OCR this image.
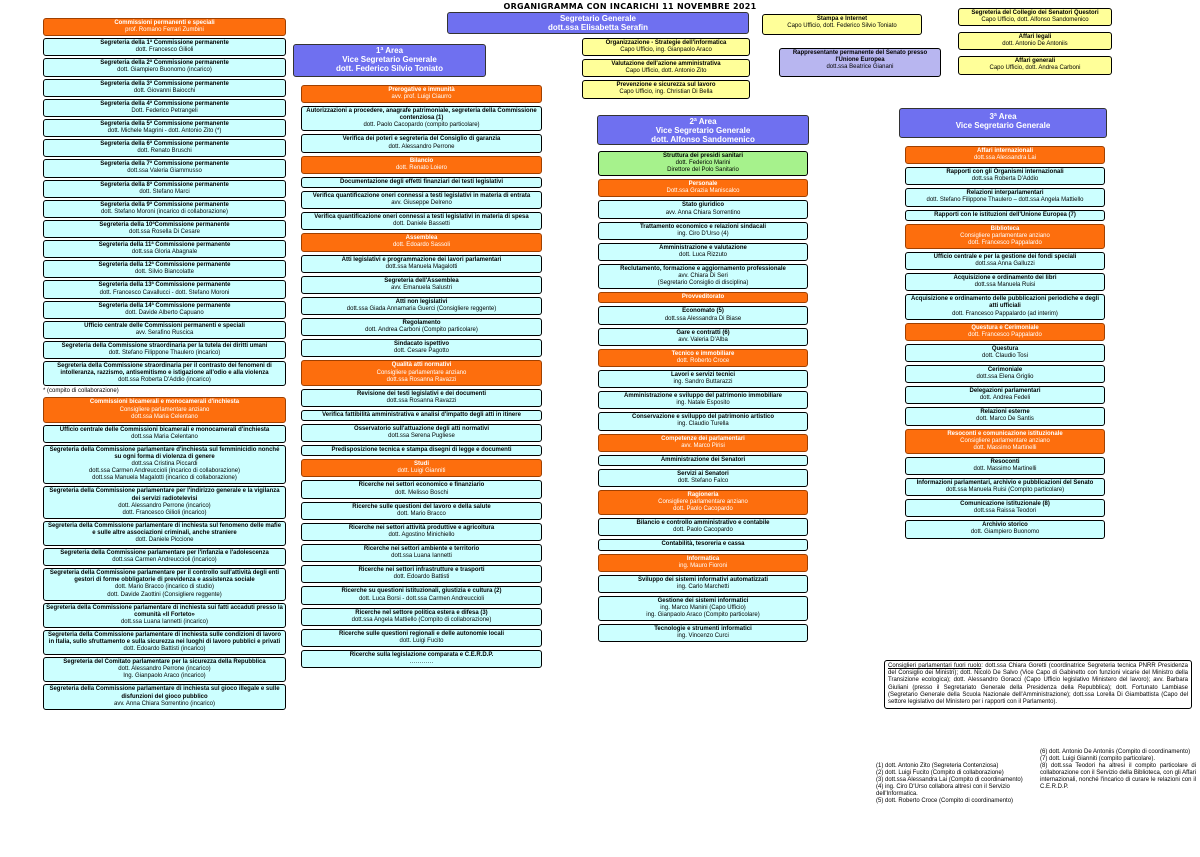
ORGANIGRAMMA CON INCARICHI 11 NOVEMBRE 2021
Segretario Generale
dott.ssa Elisabetta Serafin
Organizzazione - Strategie dell'informatica
Capo Ufficio, ing. Gianpaolo Araco
Valutazione dell'azione amministrativa
Capo Ufficio, dott. Antonio Zito
Prevenzione e sicurezza sul lavoro
Capo Ufficio, ing. Christian Di Bella
Stampa e Internet
Capo Ufficio, dott. Federico Silvio Toniato
Rappresentante permanente del Senato presso l'Unione Europea
dott.ssa Beatrice Gianani
Segreteria del Collegio dei Senatori Questori
Capo Ufficio, dott. Alfonso Sandomenico
Affari legali
dott. Antonio De Antoniis
Affari generali
Capo Ufficio, dott. Andrea Carboni
Commissioni permanenti e speciali
prof. Romano Ferrari Zumbini
Segreteria della 1ª Commissione permanente
dott. Francesco Gilioli
Segreteria della 2ª Commissione permanente
dott. Giampiero Buonomo (incarico)
Segreteria della 3ª Commissione permanente
dott. Giovanni Baiocchi
Segreteria della 4ª Commissione permanente
Dott. Federico Petrangeli
Segreteria della 5ª Commissione permanente
dott. Michele Magrini - dott. Antonio Zito (*)
Segreteria della 6ª Commissione permanente
dott. Renato Bruschi
Segreteria della 7ª Commissione permanente
dott.ssa Valeria Giammusso
Segreteria della 8ª Commissione permanente
dott. Stefano Marci
Segreteria della 9ª Commissione permanente
dott. Stefano Moroni (incarico di collaborazione)
Segreteria della 10ªCommissione permanente
dott.ssa Rosella Di Cesare
Segreteria della 11ª Commissione permanente
dott.ssa Gloria Abagnale
Segreteria della 12ª Commissione permanente
dott. Silvio Biancolatte
Segreteria della 13ª Commissione permanente
dott. Francesco Cavallucci - dott. Stefano Moroni
Segreteria della 14ª Commissione permanente
dott. Davide Alberto Capuano
Ufficio centrale delle Commissioni permanenti e speciali
avv. Serafino Ruscica
Segreteria della Commissione straordinaria per la tutela dei diritti umani
dott. Stefano Filippone Thaulero (incarico)
Segreteria della Commissione straordinaria per il contrasto dei fenomeni di intolleranza, razzismo, antisemitismo e istigazione all'odio e alla violenza
dott.ssa Roberta D'Addio (incarico)
* (compito di collaborazione)
Commissioni bicamerali e monocamerali d'inchiesta
Consigliere parlamentare anziano
dott.ssa Maria Celentano
Ufficio centrale delle Commissioni bicamerali e monocamerali d'inchiesta
dott.ssa Maria Celentano
Segreteria della Commissione parlamentare d'inchiesta sul femminicidio nonché su ogni forma di violenza di genere
dott.ssa Cristina Piccardi
dott.ssa Carmen Andreuccioli (incarico di collaborazione)
dott.ssa Manuela Magalotti (incarico di collaborazione)
Segreteria della Commissione parlamentare per l'indirizzo generale e la vigilanza dei servizi radiotelevisi
dott. Alessandro Perrone (incarico)
dott. Francesco Gilioli (incarico)
Segreteria della Commissione parlamentare di inchiesta sul fenomeno delle mafie e sulle altre associazioni criminali, anche straniere
dott. Daniele Piccione
Segreteria della Commissione parlamentare per l'infanzia e l'adolescenza
dott.ssa Carmen Andreuccioli (incarico)
Segreteria della Commissione parlamentare per il controllo sull'attività degli enti gestori di forme obbligatorie di previdenza e assistenza sociale
dott. Mario Bracco (incarico di studio)
dott. Davide Zaottini (Consigliere reggente)
Segreteria della Commissione parlamentare di inchiesta sui fatti accaduti presso la comunità «Il Forteto»
dott.ssa Luana Iannetti (incarico)
Segreteria della Commissione parlamentare di inchiesta sulle condizioni di lavoro in Italia, sullo sfruttamento e sulla sicurezza nei luoghi di lavoro pubblici e privati
dott. Edoardo Battisti (incarico)
Segreteria del Comitato parlamentare per la sicurezza della Repubblica
dott. Alessandro Perrone (incarico)
Ing. Gianpaolo Araco (incarico)
Segreteria della Commissione parlamentare di inchiesta sul gioco illegale e sulle disfunzioni del gioco pubblico
avv. Anna Chiara Sorrentino (incarico)
1ª Area
Vice Segretario Generale
dott. Federico Silvio Toniato
Prerogative e immunità
avv. prof. Luigi Ciaurro
Autorizzazioni a procedere, anagrafe patrimoniale, segreteria della Commissione contenziosa (1)
dott. Paolo Cacopardo (compito particolare)
Verifica dei poteri e segreteria del Consiglio di garanzia
dott. Alessandro Perrone
Bilancio
dott. Renato Loiero
Documentazione degli effetti finanziari dei testi legislativi
Verifica quantificazione oneri connessi a testi legislativi in materia di entrata
avv. Giuseppe Delreno
Verifica quantificazione oneri connessi a testi legislativi in materia di spesa
dott. Daniele Bassetti
Assemblea
dott. Edoardo Sassoli
Atti legislativi e programmazione dei lavori parlamentari
dott.ssa Manuela Magalotti
Segreteria dell'Assemblea
avv. Emanuela Salustri
Atti non legislativi
dott.ssa Giada Annamaria Guerci (Consigliere reggente)
Regolamento
dott. Andrea Carboni (Compito particolare)
Sindacato ispettivo
dott. Cesare Pagotto
Qualità atti normativi
Consigliere parlamentare anziano
dott.ssa Rosanna Ravazzi
Revisione dei testi legislativi e dei documenti
dott.ssa Rosanna Ravazzi
Verifica fattibilità amministrativa e analisi d'impatto degli atti in itinere
Osservatorio sull'attuazione degli atti normativi
dott.ssa Serena Pugliese
Predisposizione tecnica e stampa disegni di legge e documenti
Studi
dott. Luigi Gianniti
Ricerche nei settori economico e finanziario
dott. Melisso Boschi
Ricerche sulle questioni del lavoro e della salute
dott. Mario Bracco
Ricerche nei settori attività produttive e agricoltura
dott. Agostino Minichiello
Ricerche nei settori ambiente e territorio
dott.ssa Luana Iannetti
Ricerche nei settori infrastrutture e trasporti
dott. Edoardo Battisti
Ricerche su questioni istituzionali, giustizia e cultura (2)
dott. Luca Borsi - dott.ssa Carmen Andreuccioli
Ricerche nel settore politica estera e difesa (3)
dott.ssa Angela Mattiello (Compito di collaborazione)
Ricerche sulle questioni regionali e delle autonomie locali
dott. Luigi Fucito
Ricerche sulla legislazione comparata e C.E.R.D.P.
…………
2ª Area
Vice Segretario Generale
dott. Alfonso Sandomenico
Struttura dei presidi sanitari
dott. Federico Marini
Direttore del Polo Sanitario
Personale
Dott.ssa Grazia Maniscalco
Stato giuridico
avv. Anna Chiara Sorrentino
Trattamento economico e relazioni sindacali
ing. Ciro D'Urso (4)
Amministrazione e valutazione
dott. Luca Rizzuto
Reclutamento, formazione e aggiornamento professionale
avv. Chiara Di Seri
(Segretario Consiglio di disciplina)
Provveditorato
Economato (5)
dott.ssa Alessandra Di Biase
Gare e contratti (6)
avv. Valeria D'Alba
Tecnico e immobiliare
dott. Roberto Croce
Lavori e servizi tecnici
ing. Sandro Buttarazzi
Amministrazione e sviluppo del patrimonio immobiliare
ing. Natale Esposito
Conservazione e sviluppo del patrimonio artistico
ing. Claudio Turella
Competenze dei parlamentari
avv. Marco Pirisi
Amministrazione dei Senatori
Servizi ai Senatori
dott. Stefano Falco
Ragioneria
Consigliere parlamentare anziano
dott. Paolo Cacopardo
Bilancio e controllo amministrativo e contabile
dott. Paolo Cacopardo
Contabilità, tesoreria e cassa
Informatica
ing. Mauro Fioroni
Sviluppo dei sistemi informativi automatizzati
ing. Carlo Marchetti
Gestione dei sistemi informatici
ing. Marco Manini (Capo Ufficio)
ing. Gianpaolo Araco (Compito particolare)
Tecnologie e strumenti informatici
ing. Vincenzo Curci
3ª Area
Vice Segretario Generale
Affari internazionali
dott.ssa Alessandra Lai
Rapporti con gli Organismi internazionali
dott.ssa Roberta D'Addio
Relazioni interparlamentari
dott. Stefano Filippone Thaulero – dott.ssa Angela Mattiello
Rapporti con le istituzioni dell'Unione Europea (7)
Biblioteca
Consigliere parlamentare anziano
dott. Francesco Pappalardo
Ufficio centrale e per la gestione dei fondi speciali
dott.ssa Anna Galluzzi
Acquisizione e ordinamento dei libri
dott.ssa Manuela Ruisi
Acquisizione e ordinamento delle pubblicazioni periodiche e degli atti ufficiali
dott. Francesco Pappalardo (ad interim)
Questura e Cerimoniale
dott. Francesco Pappalardo
Questura
dott. Claudio Tosi
Cerimoniale
dott.ssa Elena Griglio
Delegazioni parlamentari
dott. Andrea Fedeli
Relazioni esterne
dott. Marco De Santis
Resoconti e comunicazione istituzionale
Consigliere parlamentare anziano
dott. Massimo Martinelli
Resoconti
dott. Massimo Martinelli
Informazioni parlamentari, archivio e pubblicazioni del Senato
dott.ssa Manuela Ruisi (Compito particolare)
Comunicazione istituzionale (8)
dott.ssa Raissa Teodori
Archivio storico
dott. Giampiero Buonomo
Consiglieri parlamentari fuori ruolo: dott.ssa Chiara Goretti (coordinatrice Segreteria tecnica PNRR Presidenza del Consiglio dei Ministri); dott. Nicolò De Salvo (Vice Capo di Gabinetto con funzioni vicarie del Ministro della Transizione ecologica); dott. Alessandro Goracci (Capo Ufficio legislativo Ministero del lavoro); avv. Barbara Giuliani (presso il Segretariato Generale della Presidenza della Repubblica); dott. Fortunato Lambiase (Segretario Generale della Scuola Nazionale dell'Amministrazione); dott.ssa Lorella Di Giambattista (Capo del settore legislativo del Ministero per i rapporti con il Parlamento).
(1) dott. Antonio Zito (Segreteria Contenziosa)
(2) dott. Luigi Fucito (Compito di collaborazione)
(3) dott.ssa Alessandra Lai (Compito di coordinamento)
(4) ing. Ciro D'Urso collabora altresì con il Servizio dell'Informatica.
(5) dott. Roberto Croce (Compito di coordinamento)
(6) dott. Antonio De Antoniis (Compito di coordinamento)
(7) dott. Luigi Gianniti (compito particolare).
(8) dott.ssa Teodori ha altresì il compito particolare di collaborazione con il Servizio della Biblioteca, con gli Affari internazionali, nonché l'incarico di curare le relazioni con il C.E.R.D.P.
